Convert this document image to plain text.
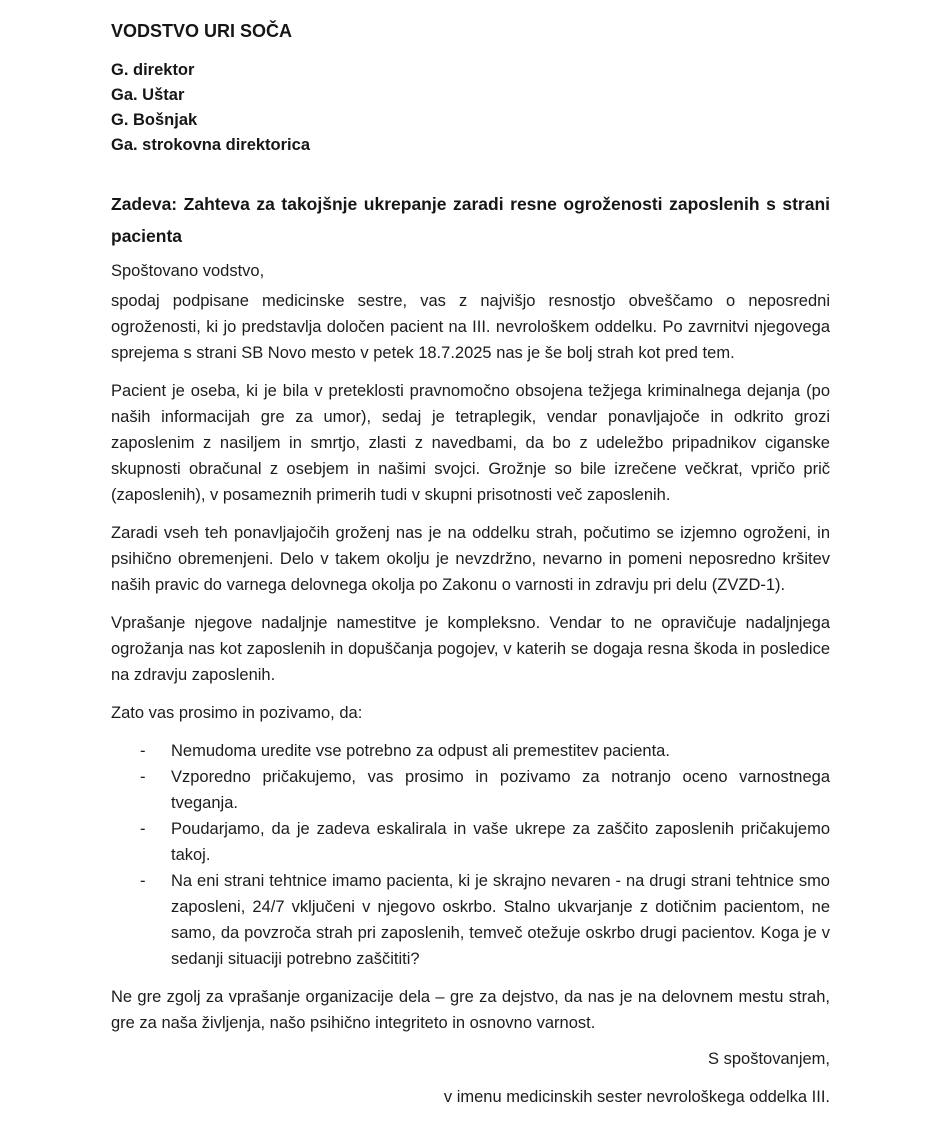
VODSTVO URI SOČA
G. direktor
Ga. Uštar
G. Bošnjak
Ga. strokovna direktorica
Zadeva: Zahteva za takojšnje ukrepanje zaradi resne ogroženosti zaposlenih s strani pacienta

Spoštovano vodstvo,

spodaj podpisane medicinske sestre, vas z najvišjo resnostjo obveščamo o neposredni ogroženosti, ki jo predstavlja določen pacient na III. nevrološkem oddelku. Po zavrnitvi njegovega sprejema s strani SB Novo mesto v petek 18.7.2025 nas je še bolj strah kot pred tem.

Pacient je oseba, ki je bila v preteklosti pravnomočno obsojena težjega kriminalnega dejanja (po naših informacijah gre za umor), sedaj je tetraplegik, vendar ponavljajoče in odkrito grozi zaposlenim z nasiljem in smrtjo, zlasti z navedbami, da bo z udeležbo pripadnikov ciganske skupnosti obračunal z osebjem in našimi svojci. Grožnje so bile izrečene večkrat, vpričo prič (zaposlenih), v posameznih primerih tudi v skupni prisotnosti več zaposlenih.

Zaradi vseh teh ponavljajočih groženj nas je na oddelku strah, počutimo se izjemno ogroženi, in psihično obremenjeni. Delo v takem okolju je nevzdržno, nevarno in pomeni neposredno kršitev naših pravic do varnega delovnega okolja po Zakonu o varnosti in zdravju pri delu (ZVZD-1).

Vprašanje njegove nadaljnje namestitve je kompleksno. Vendar to ne opravičuje nadaljnjega ogrožanja nas kot zaposlenih in dopuščanja pogojev, v katerih se dogaja resna škoda in posledice na zdravju zaposlenih.

Zato vas prosimo in pozivamo, da:

-	Nemudoma uredite vse potrebno za odpust ali premestitev pacienta.
-	Vzporedno pričakujemo, vas prosimo in pozivamo za notranjo oceno varnostnega tveganja.
-	Poudarjamo, da je zadeva eskalirala in vaše ukrepe za zaščito zaposlenih pričakujemo takoj.
-	Na eni strani tehtnice imamo pacienta, ki je skrajno nevaren - na drugi strani tehtnice smo zaposleni, 24/7 vključeni v njegovo oskrbo. Stalno ukvarjanje z dotičnim pacientom, ne samo, da povzroča strah pri zaposlenih, temveč otežuje oskrbo drugi pacientov. Koga je v sedanji situaciji potrebno zaščititi?

Ne gre zgolj za vprašanje organizacije dela – gre za dejstvo, da nas je na delovnem mestu strah, gre za naša življenja, našo psihično integriteto in osnovno varnost.

S spoštovanjem,

v imenu medicinskih sester nevrološkega oddelka III.
